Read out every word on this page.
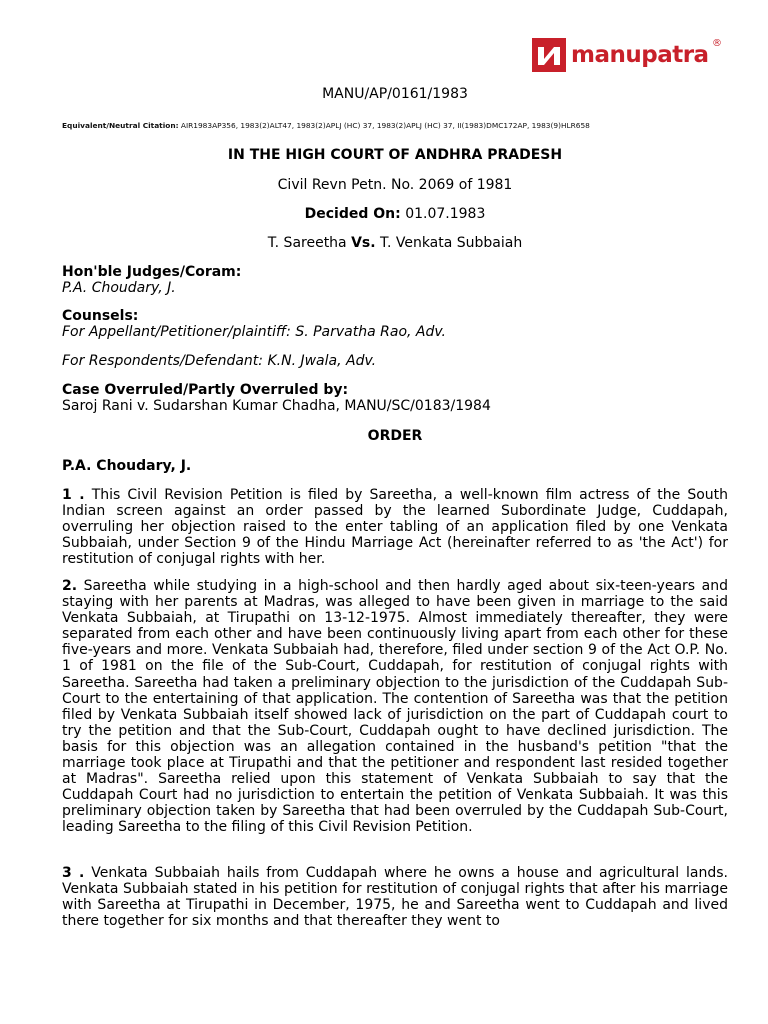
manupatra ®
MANU/AP/0161/1983
Equivalent/Neutral Citation: AIR1983AP356, 1983(2)ALT47, 1983(2)APLJ (HC) 37, 1983(2)APLJ (HC) 37, II(1983)DMC172AP, 1983(9)HLR658
IN THE HIGH COURT OF ANDHRA PRADESH
Civil Revn Petn. No. 2069 of 1981
Decided On: 01.07.1983
T. Sareetha Vs. T. Venkata Subbaiah
Hon'ble Judges/Coram:
P.A. Choudary, J.
Counsels:
For Appellant/Petitioner/plaintiff: S. Parvatha Rao, Adv.
For Respondents/Defendant: K.N. Jwala, Adv.
Case Overruled/Partly Overruled by:
Saroj Rani v. Sudarshan Kumar Chadha, MANU/SC/0183/1984
ORDER
P.A. Choudary, J.
1 . This Civil Revision Petition is filed by Sareetha, a well-known film actress of the South Indian screen against an order passed by the learned Subordinate Judge, Cuddapah, overruling her objection raised to the enter tabling of an application filed by one Venkata Subbaiah, under Section 9 of the Hindu Marriage Act (hereinafter referred to as 'the Act') for restitution of conjugal rights with her.
2. Sareetha while studying in a high-school and then hardly aged about six-teen-years and staying with her parents at Madras, was alleged to have been given in marriage to the said Venkata Subbaiah, at Tirupathi on 13-12-1975. Almost immediately thereafter, they were separated from each other and have been continuously living apart from each other for these five-years and more. Venkata Subbaiah had, therefore, filed under section 9 of the Act O.P. No. 1 of 1981 on the file of the Sub-Court, Cuddapah, for restitution of conjugal rights with Sareetha. Sareetha had taken a preliminary objection to the jurisdiction of the Cuddapah Sub-Court to the entertaining of that application. The contention of Sareetha was that the petition filed by Venkata Subbaiah itself showed lack of jurisdiction on the part of Cuddapah court to try the petition and that the Sub-Court, Cuddapah ought to have declined jurisdiction. The basis for this objection was an allegation contained in the husband's petition "that the marriage took place at Tirupathi and that the petitioner and respondent last resided together at Madras". Sareetha relied upon this statement of Venkata Subbaiah to say that the Cuddapah Court had no jurisdiction to entertain the petition of Venkata Subbaiah. It was this preliminary objection taken by Sareetha that had been overruled by the Cuddapah Sub-Court, leading Sareetha to the filing of this Civil Revision Petition.
3 . Venkata Subbaiah hails from Cuddapah where he owns a house and agricultural lands. Venkata Subbaiah stated in his petition for restitution of conjugal rights that after his marriage with Sareetha at Tirupathi in December, 1975, he and Sareetha went to Cuddapah and lived there together for six months and that thereafter they went to
